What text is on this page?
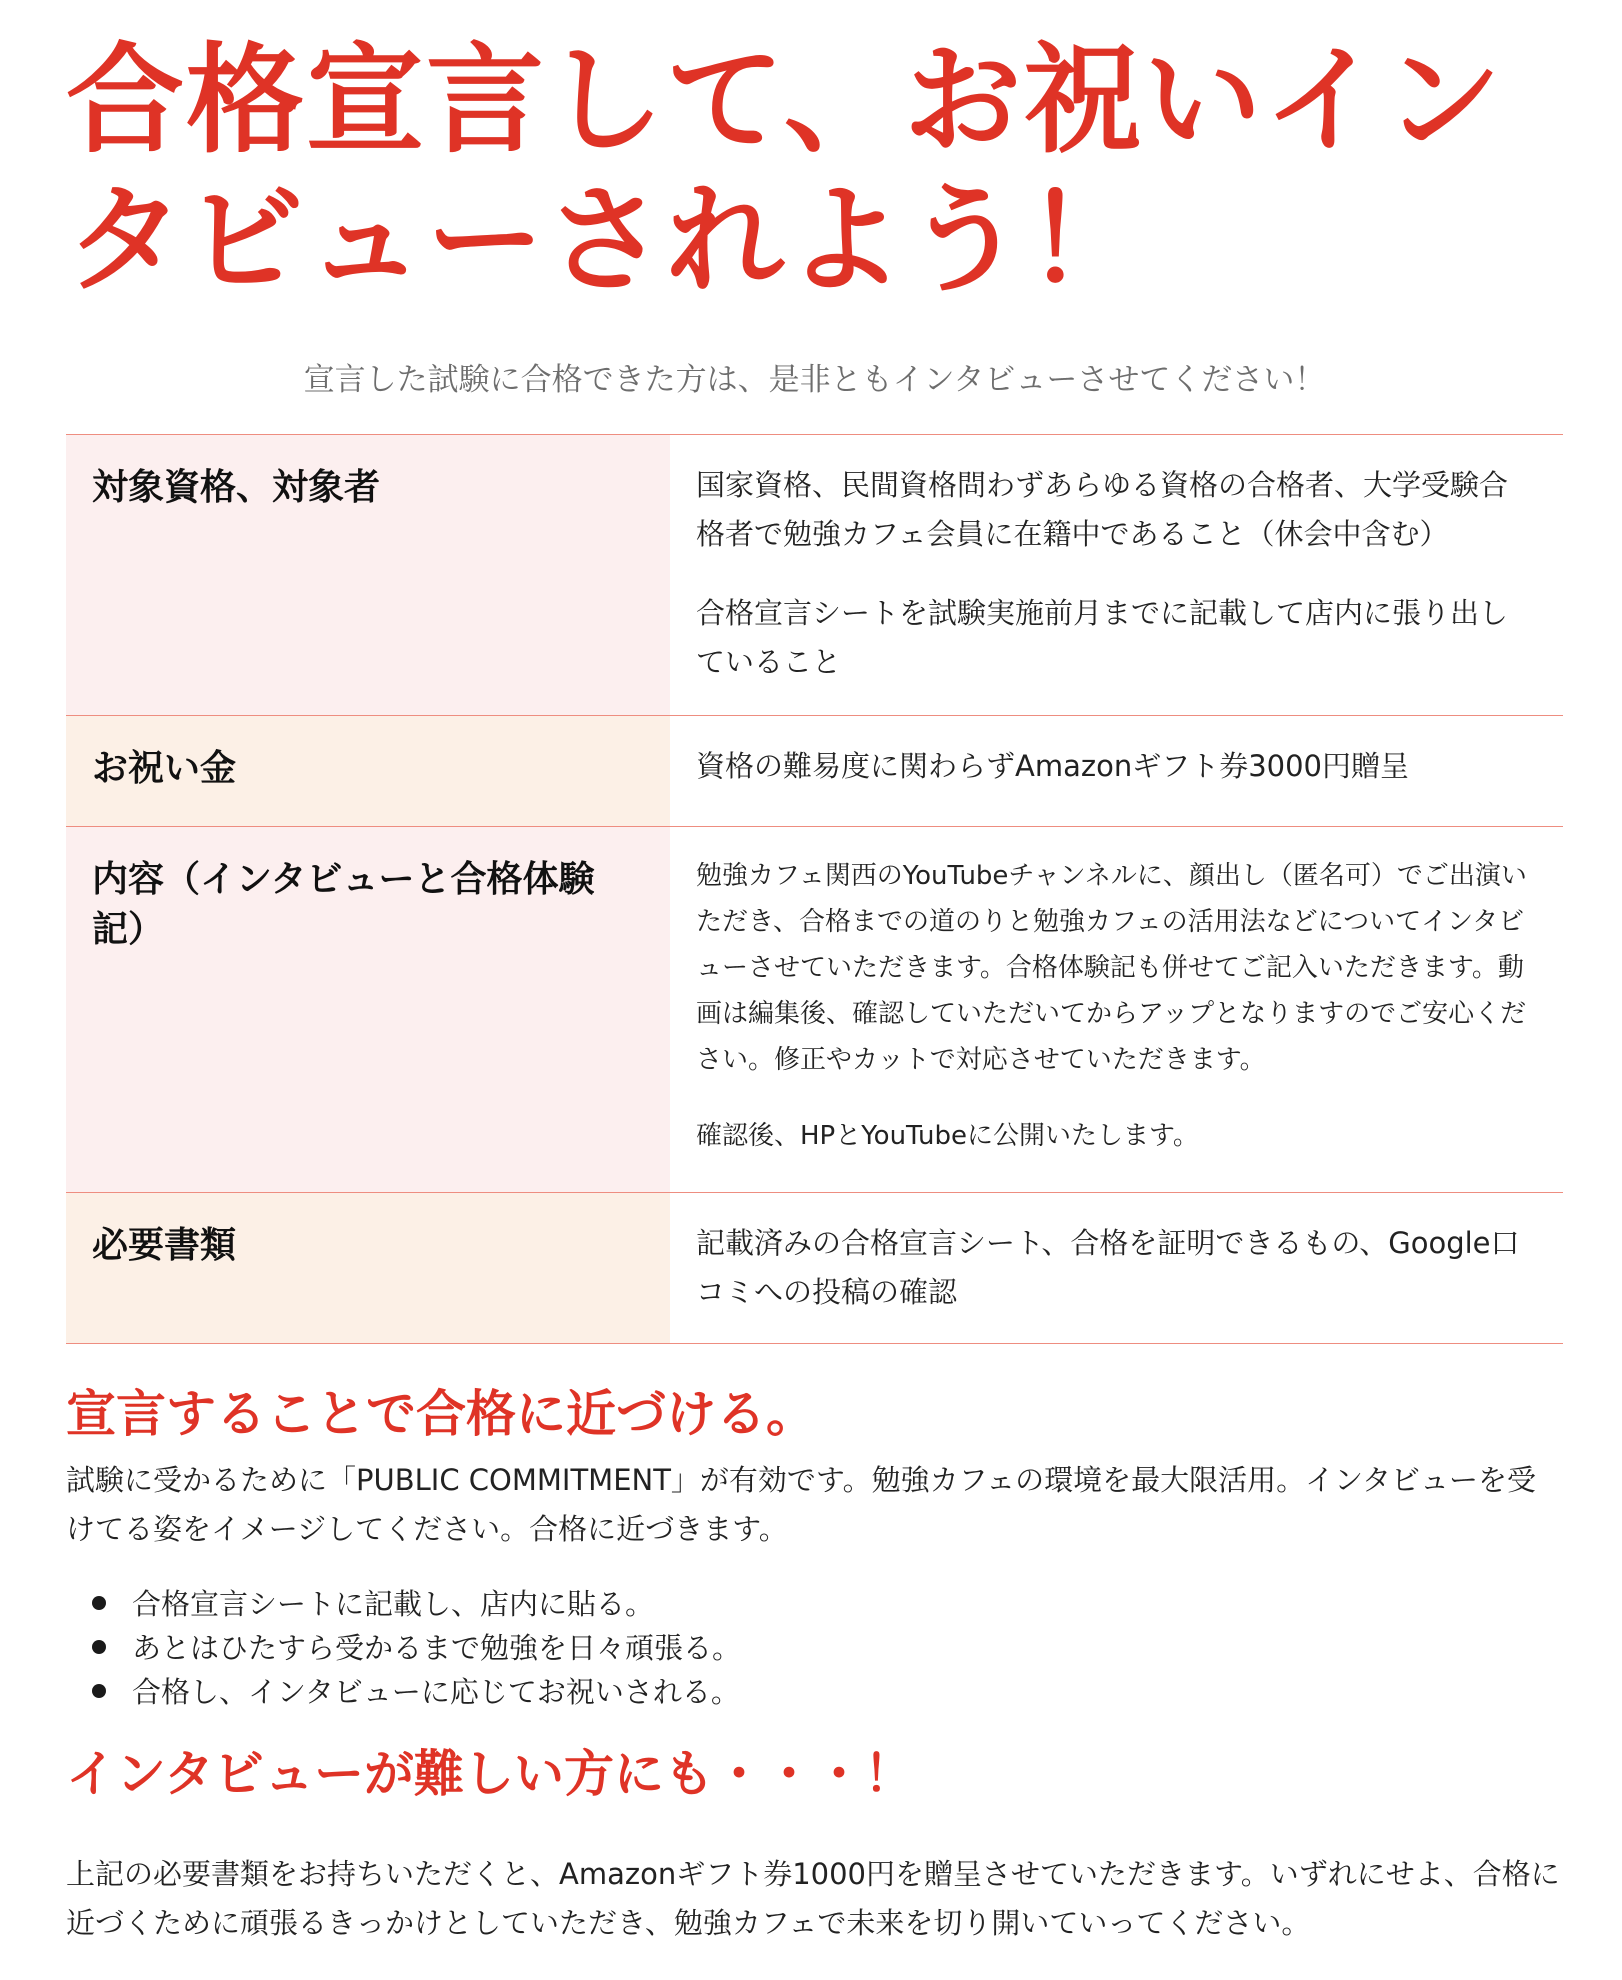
合格宣言して、お祝いイン
タビューされよう！

宣言した試験に合格できた方は、是非ともインタビューさせてください！

対象資格、対象者	国家資格、民間資格問わずあらゆる資格の合格者、大学受験合格者で勉強カフェ会員に在籍中であること（休会中含む）

合格宣言シートを試験実施前月までに記載して店内に張り出していること

お祝い金	資格の難易度に関わらずAmazonギフト券3000円贈呈

内容（インタビューと合格体験記）	勉強カフェ関西のYouTubeチャンネルに、顔出し（匿名可）でご出演いただき、合格までの道のりと勉強カフェの活用法などについてインタビューさせていただきます。合格体験記も併せてご記入いただきます。動画は編集後、確認していただいてからアップとなりますのでご安心ください。修正やカットで対応させていただきます。

確認後、HPとYouTubeに公開いたします。

必要書類	記載済みの合格宣言シート、合格を証明できるもの、Google口コミへの投稿の確認

宣言することで合格に近づける。

試験に受かるために「PUBLIC COMMITMENT」が有効です。勉強カフェの環境を最大限活用。インタビューを受けてる姿をイメージしてください。合格に近づきます。

合格宣言シートに記載し、店内に貼る。
あとはひたすら受かるまで勉強を日々頑張る。
合格し、インタビューに応じてお祝いされる。
インタビューが難しい方にも・・・！

上記の必要書類をお持ちいただくと、Amazonギフト券1000円を贈呈させていただきます。いずれにせよ、合格に近づくために頑張るきっかけとしていただき、勉強カフェで未来を切り開いていってください。
